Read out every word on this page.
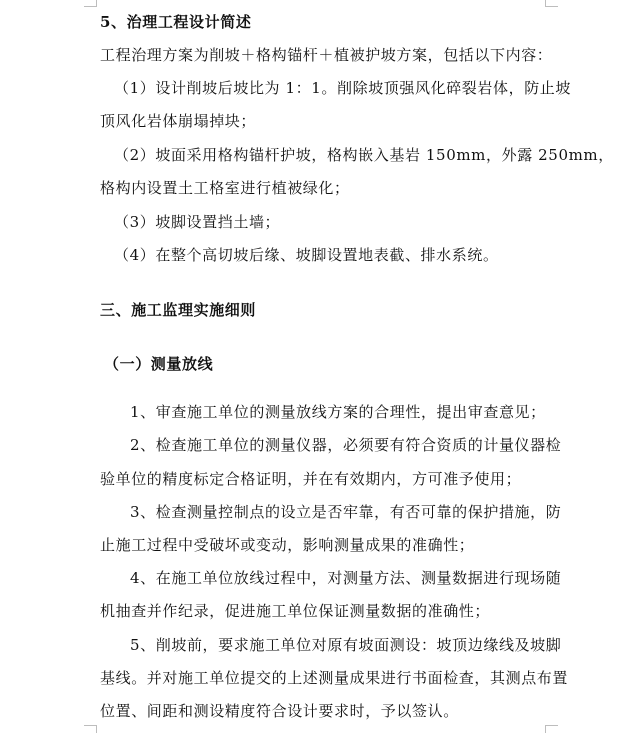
5、治理工程设计简述
工程治理方案为削坡＋格构锚杆＋植被护坡方案，包括以下内容：
（1）设计削坡后坡比为 1：1。削除坡顶强风化碎裂岩体，防止坡
顶风化岩体崩塌掉块；
（2）坡面采用格构锚杆护坡，格构嵌入基岩 150mm，外露 250mm，
格构内设置土工格室进行植被绿化；
（3）坡脚设置挡土墙；
（4）在整个高切坡后缘、坡脚设置地表截、排水系统。
三、施工监理实施细则
（一）测量放线
1、审查施工单位的测量放线方案的合理性，提出审查意见；
2、检查施工单位的测量仪器，必须要有符合资质的计量仪器检
验单位的精度标定合格证明，并在有效期内，方可准予使用；
3、检查测量控制点的设立是否牢靠，有否可靠的保护措施，防
止施工过程中受破坏或变动，影响测量成果的准确性；
4、在施工单位放线过程中，对测量方法、测量数据进行现场随
机抽查并作纪录，促进施工单位保证测量数据的准确性；
5、削坡前，要求施工单位对原有坡面测设：坡顶边缘线及坡脚
基线。并对施工单位提交的上述测量成果进行书面检查，其测点布置
位置、间距和测设精度符合设计要求时，予以签认。
